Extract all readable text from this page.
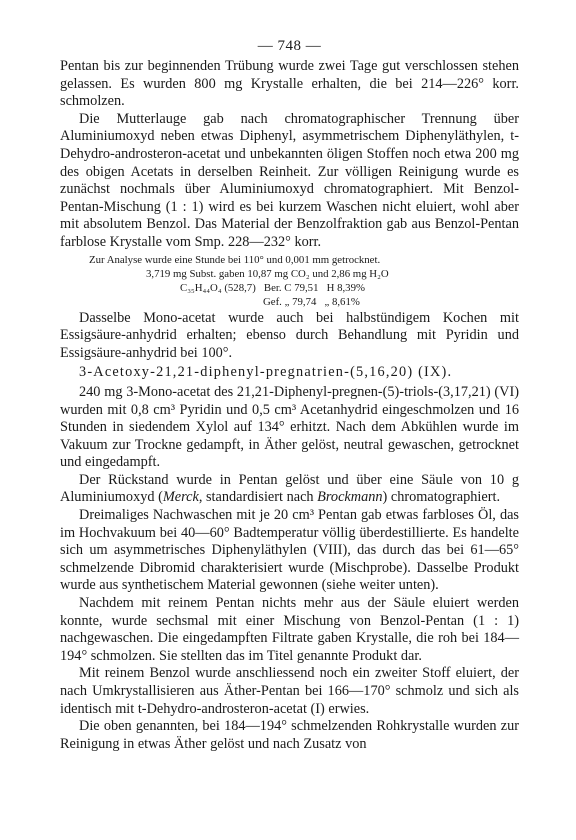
— 748 —

Pentan bis zur beginnenden Trübung wurde zwei Tage gut verschlossen stehen gelassen. Es wurden 800 mg Krystalle erhalten, die bei 214—226° korr. schmolzen.

Die Mutterlauge gab nach chromatographischer Trennung über Aluminiumoxyd neben etwas Diphenyl, asymmetrischem Diphenyläthylen, t-Dehydro-androsteron-acetat und unbekannten öligen Stoffen noch etwa 200 mg des obigen Acetats in derselben Reinheit. Zur völligen Reinigung wurde es zunächst nochmals über Aluminiumoxyd chromatographiert. Mit Benzol-Pentan-Mischung (1 : 1) wird es bei kurzem Waschen nicht eluiert, wohl aber mit absolutem Benzol. Das Material der Benzolfraktion gab aus Benzol-Pentan farblose Krystalle vom Smp. 228—232° korr.

Zur Analyse wurde eine Stunde bei 110° und 0,001 mm getrocknet.
3,719 mg Subst. gaben 10,87 mg CO₂ und 2,86 mg H₂O
C₃₅H₄₄O₄ (528,7)   Ber. C 79,51   H 8,39%
Gef. „ 79,74   „ 8,61%

Dasselbe Mono-acetat wurde auch bei halbstündigem Kochen mit Essigsäure-anhydrid erhalten; ebenso durch Behandlung mit Pyridin und Essigsäure-anhydrid bei 100°.

3-Acetoxy-21,21-diphenyl-pregnatrien-(5,16,20) (IX).

240 mg 3-Mono-acetat des 21,21-Diphenyl-pregnen-(5)-triols-(3,17,21) (VI) wurden mit 0,8 cm³ Pyridin und 0,5 cm³ Acetanhydrid eingeschmolzen und 16 Stunden in siedendem Xylol auf 134° erhitzt. Nach dem Abkühlen wurde im Vakuum zur Trockne gedampft, in Äther gelöst, neutral gewaschen, getrocknet und eingedampft.

Der Rückstand wurde in Pentan gelöst und über eine Säule von 10 g Aluminiumoxyd (Merck, standardisiert nach Brockmann) chromatographiert.

Dreimaliges Nachwaschen mit je 20 cm³ Pentan gab etwas farbloses Öl, das im Hochvakuum bei 40—60° Badtemperatur völlig überdestillierte. Es handelte sich um asymmetrisches Diphenyläthylen (VIII), das durch das bei 61—65° schmelzende Dibromid charakterisiert wurde (Mischprobe). Dasselbe Produkt wurde aus synthetischem Material gewonnen (siehe weiter unten).

Nachdem mit reinem Pentan nichts mehr aus der Säule eluiert werden konnte, wurde sechsmal mit einer Mischung von Benzol-Pentan (1 : 1) nachgewaschen. Die eingedampften Filtrate gaben Krystalle, die roh bei 184—194° schmolzen. Sie stellten das im Titel genannte Produkt dar.

Mit reinem Benzol wurde anschliessend noch ein zweiter Stoff eluiert, der nach Umkrystallisieren aus Äther-Pentan bei 166—170° schmolz und sich als identisch mit t-Dehydro-androsteron-acetat (I) erwies.

Die oben genannten, bei 184—194° schmelzenden Rohkrystalle wurden zur Reinigung in etwas Äther gelöst und nach Zusatz von
